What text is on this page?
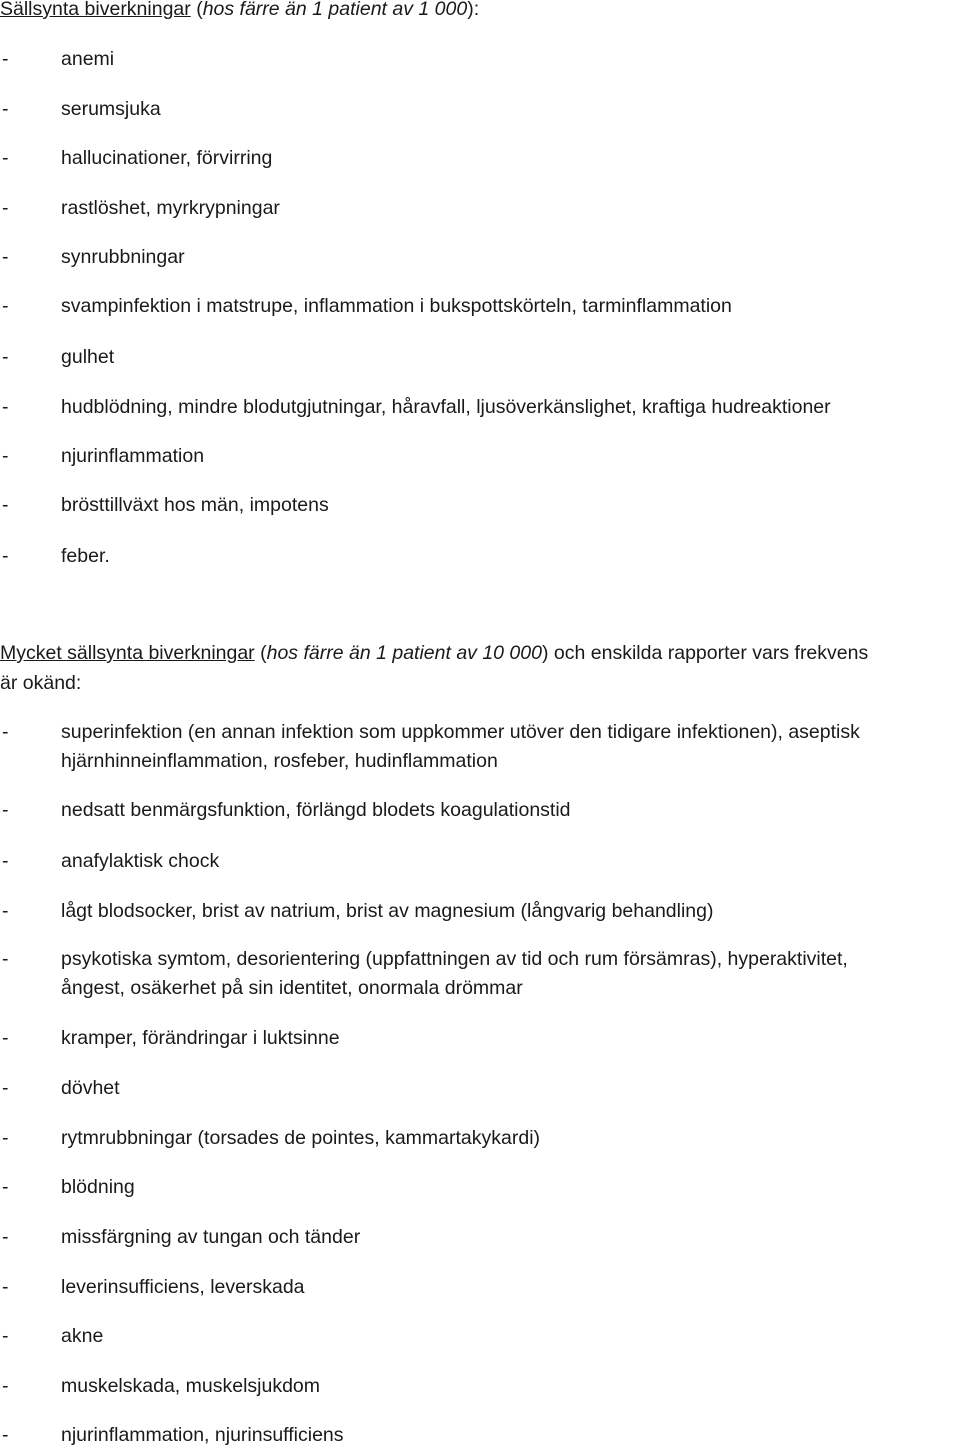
Sällsynta biverkningar (hos färre än 1 patient av 1 000):
-	anemi
-	serumsjuka
-	hallucinationer, förvirring
-	rastlöshet, myrkrypningar
-	synrubbningar
-	svampinfektion i matstrupe, inflammation i bukspottskörteln, tarminflammation
-	gulhet
-	hudblödning, mindre blodutgjutningar, håravfall, ljusöverkänslighet, kraftiga hudreaktioner
-	njurinflammation
-	brösttillväxt hos män, impotens
-	feber.
Mycket sällsynta biverkningar (hos färre än 1 patient av 10 000) och enskilda rapporter vars frekvens
är okänd:
-	superinfektion (en annan infektion som uppkommer utöver den tidigare infektionen), aseptisk
hjärnhinneinflammation, rosfeber, hudinflammation
-	nedsatt benmärgsfunktion, förlängd blodets koagulationstid
-	anafylaktisk chock
-	lågt blodsocker, brist av natrium, brist av magnesium (långvarig behandling)
-	psykotiska symtom, desorientering (uppfattningen av tid och rum försämras), hyperaktivitet,
ångest, osäkerhet på sin identitet, onormala drömmar
-	kramper, förändringar i luktsinne
-	dövhet
-	rytmrubbningar (torsades de pointes, kammartakykardi)
-	blödning
-	missfärgning av tungan och tänder
-	leverinsufficiens, leverskada
-	akne
-	muskelskada, muskelsjukdom
-	njurinflammation, njurinsufficiens
